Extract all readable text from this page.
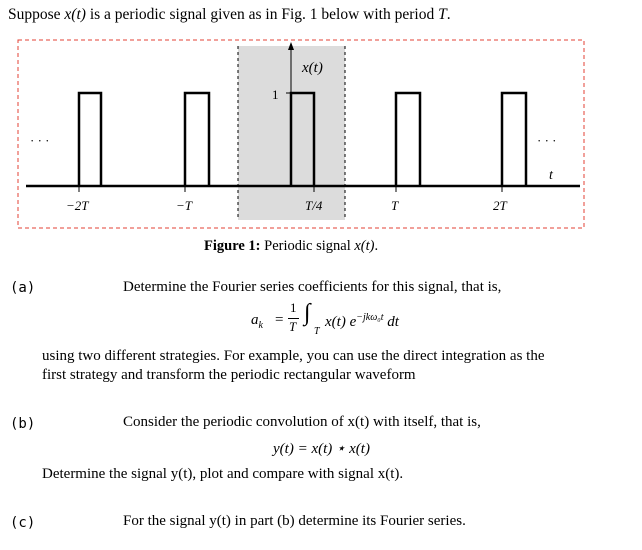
Suppose x(t) is a periodic signal given as in Fig. 1 below with period T.
x(t)
1
t
· · ·	· · ·
−2T	−T	T/4	T	2T
Figure 1: Periodic signal x(t).
(a)	Determine the Fourier series coefficients for this signal, that is,
$a_k$ =
1
T
∫
T
x(t) $e^{-jk\omega_0t}$ dt
using two different strategies. For example, you can use the direct integration as the
first strategy and transform the periodic rectangular waveform
(b)	Consider the periodic convolution of x(t) with itself, that is,
y(t) = x(t) ⋆ x(t)
Determine the signal y(t), plot and compare with signal x(t).
(c)	For the signal y(t) in part (b) determine its Fourier series.
